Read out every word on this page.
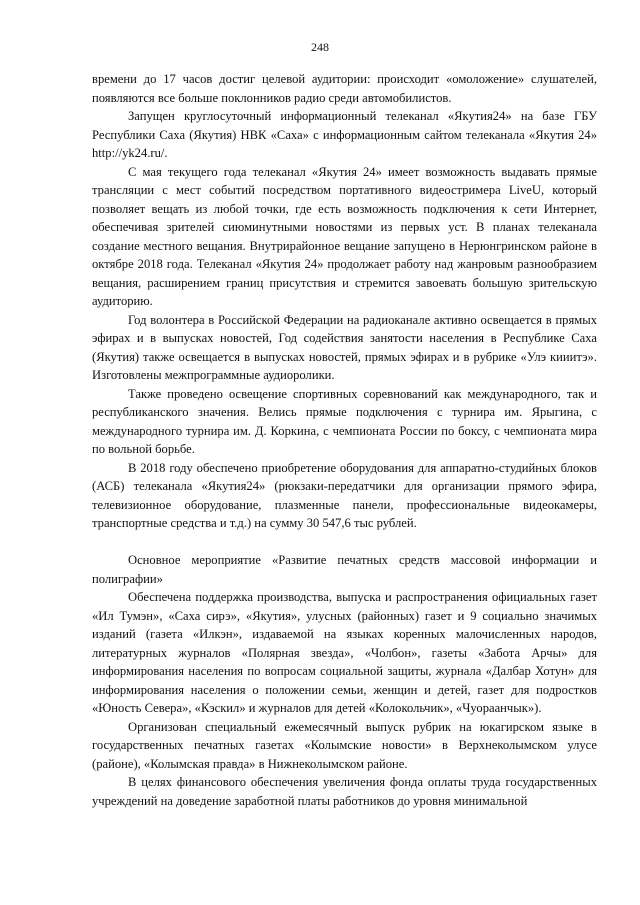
248

времени до 17 часов достиг целевой аудитории: происходит «омоложение» слушателей, появляются все больше поклонников радио среди автомобилистов.

Запущен круглосуточный информационный телеканал «Якутия24» на базе ГБУ Республики Саха (Якутия) НВК «Саха» с информационным сайтом телеканала «Якутия 24» http://yk24.ru/.

С мая текущего года телеканал «Якутия 24» имеет возможность выдавать прямые трансляции с мест событий посредством портативного видеостримера LiveU, который позволяет вещать из любой точки, где есть возможность подключения к сети Интернет, обеспечивая зрителей сиюминутными новостями из первых уст. В планах телеканала создание местного вещания. Внутрирайонное вещание запущено в Нерюнгринском районе в октябре 2018 года. Телеканал «Якутия 24» продолжает работу над жанровым разнообразием вещания, расширением границ присутствия и стремится завоевать большую зрительскую аудиторию.

Год волонтера в Российской Федерации на радиоканале активно освещается в прямых эфирах и в выпусках новостей, Год содействия занятости населения в Республике Саха (Якутия) также освещается в выпусках новостей, прямых эфирах и в рубрике «Улэ кииитэ». Изготовлены межпрограммные аудиоролики.

Также проведено освещение спортивных соревнований как международного, так и республиканского значения. Велись прямые подключения с турнира им. Ярыгина, с международного турнира им. Д. Коркина, с чемпионата России по боксу, с чемпионата мира по вольной борьбе.

В 2018 году обеспечено приобретение оборудования для аппаратно-студийных блоков (АСБ) телеканала «Якутия24» (рюкзаки-передатчики для организации прямого эфира, телевизионное оборудование, плазменные панели, профессиональные видеокамеры, транспортные средства и т.д.) на сумму 30 547,6 тыс рублей.

Основное мероприятие «Развитие печатных средств массовой информации и полиграфии»

Обеспечена поддержка производства, выпуска и распространения официальных газет «Ил Тумэн», «Саха сирэ», «Якутия», улусных (районных) газет и 9 социально значимых изданий (газета «Илкэн», издаваемой на языках коренных малочисленных народов, литературных журналов «Полярная звезда», «Чолбон», газеты «Забота Арчы» для информирования населения по вопросам социальной защиты, журнала «Далбар Хотун» для информирования населения о положении семьи, женщин и детей, газет для подростков «Юность Севера», «Кэскил» и журналов для детей «Колокольчик», «Чуораанчык»).

Организован специальный ежемесячный выпуск рубрик на юкагирском языке в государственных печатных газетах «Колымские новости» в Верхнеколымском улусе (районе), «Колымская правда» в Нижнеколымском районе.

В целях финансового обеспечения увеличения фонда оплаты труда государственных учреждений на доведение заработной платы работников до уровня минимальной
